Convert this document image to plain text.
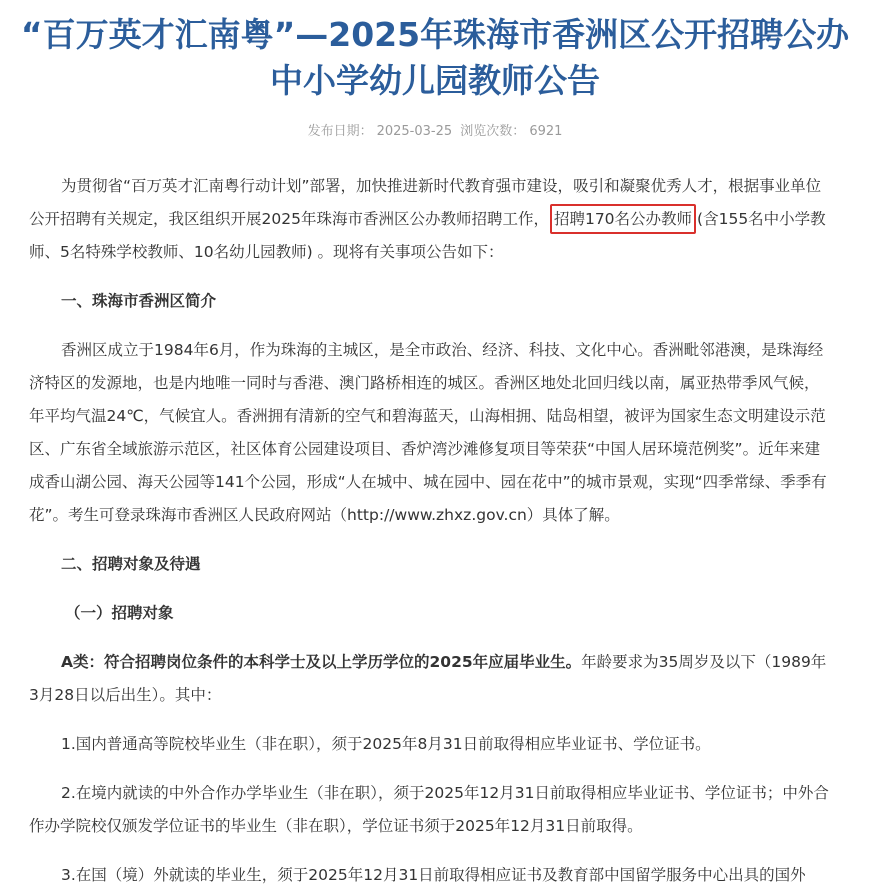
“百万英才汇南粤”—2025年珠海市香洲区公开招聘公办中小学幼儿园教师公告
发布日期： 2025-03-25 浏览次数： 6921

为贯彻省“百万英才汇南粤行动计划”部署，加快推进新时代教育强市建设，吸引和凝聚优秀人才，根据事业单位公开招聘有关规定，我区组织开展2025年珠海市香洲区公办教师招聘工作， 招聘170名公办教师 (含155名中小学教师、5名特殊学校教师、10名幼儿园教师) 。现将有关事项公告如下：

一、珠海市香洲区简介

香洲区成立于1984年6月，作为珠海的主城区，是全市政治、经济、科技、文化中心。香洲毗邻港澳，是珠海经济特区的发源地，也是内地唯一同时与香港、澳门路桥相连的城区。香洲区地处北回归线以南，属亚热带季风气候，年平均气温24℃，气候宜人。香洲拥有清新的空气和碧海蓝天，山海相拥、陆岛相望，被评为国家生态文明建设示范区、广东省全域旅游示范区，社区体育公园建设项目、香炉湾沙滩修复项目等荣获“中国人居环境范例奖”。近年来建成香山湖公园、海天公园等141个公园，形成“人在城中、城在园中、园在花中”的城市景观，实现“四季常绿、季季有花”。考生可登录珠海市香洲区人民政府网站（http://www.zhxz.gov.cn）具体了解。

二、招聘对象及待遇

（一）招聘对象

A类：符合招聘岗位条件的本科学士及以上学历学位的2025年应届毕业生。年龄要求为35周岁及以下（1989年3月28日以后出生）。其中：

1.国内普通高等院校毕业生（非在职），须于2025年8月31日前取得相应毕业证书、学位证书。

2.在境内就读的中外合作办学毕业生（非在职），须于2025年12月31日前取得相应毕业证书、学位证书；中外合作办学院校仅颁发学位证书的毕业生（非在职），学位证书须于2025年12月31日前取得。

3.在国（境）外就读的毕业生，须于2025年12月31日前取得相应证书及教育部中国留学服务中心出具的国外
